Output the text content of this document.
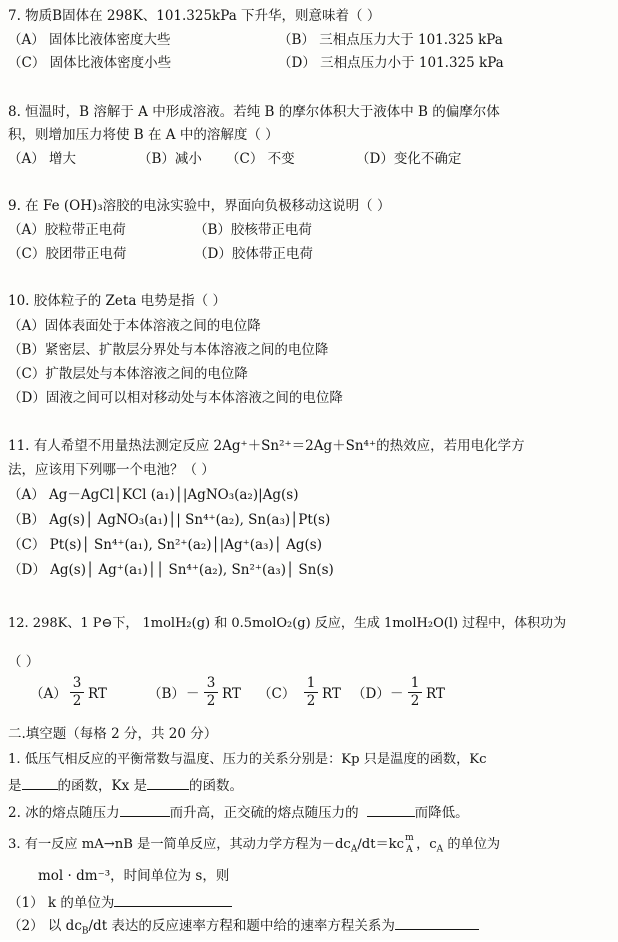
7. 物质B固体在 298K、101.325kPa 下升华，则意味着（ ）
（A） 固体比液体密度大些	（B） 三相点压力大于 101.325 kPa
（C） 固体比液体密度小些	（D） 三相点压力小于 101.325 kPa
8. 恒温时，B 溶解于 A 中形成溶液。若纯 B 的摩尔体积大于液体中 B 的偏摩尔体
积，则增加压力将使 B 在 A 中的溶解度（ ）
（A） 增大	（B）减小 （C） 不变	（D）变化不确定
9. 在 Fe (OH)₃溶胶的电泳实验中，界面向负极移动这说明（ ）
（A）胶粒带正电荷	（B）胶核带正电荷
（C）胶团带正电荷	（D）胶体带正电荷
10. 胶体粒子的 Zeta 电势是指（ ）
（A）固体表面处于本体溶液之间的电位降
（B）紧密层、扩散层分界处与本体溶液之间的电位降
（C）扩散层处与本体溶液之间的电位降
（D）固液之间可以相对移动处与本体溶液之间的电位降
11. 有人希望不用量热法测定反应 2Ag⁺＋Sn²⁺＝2Ag＋Sn⁴⁺的热效应，若用电化学方
法，应该用下列哪一个电池？（ ）
（A） Ag－AgCl│KCl (a₁)│|AgNO₃(a₂)|Ag(s)
（B） Ag(s)│ AgNO₃(a₁)│| Sn⁴⁺(a₂), Sn(a₃)│Pt(s)
（C） Pt(s)│ Sn⁴⁺(a₁), Sn²⁺(a₂)│|Ag⁺(a₃)│ Ag(s)
（D） Ag(s)│ Ag⁺(a₁)││ Sn⁴⁺(a₂), Sn²⁺(a₃)│ Sn(s)
12. 298K、1 P⊖下， 1molH₂(g) 和 0.5molO₂(g) 反应，生成 1molH₂O(l) 过程中，体积功为
（ ）
$(A) \frac{3}{2}$ RT	$(B) - \frac{3}{2}$ RT $(C) \frac{1}{2}$ RT $(D) - \frac{1}{2}$ RT
二.填空题（每格 2 分，共 20 分）
1. 低压气相反应的平衡常数与温度、压力的关系分别是：Kp 只是温度的函数，Kc
是	的函数，Kx 是	的函数。
2. 冰的熔点随压力	而升高，正交硫的熔点随压力的	而降低。
3. 有一反应 mA→nB 是一简单反应，其动力学方程为$-dc_A/dt=kc$ m
A ，$c_A$ 的单位为
mol · dm⁻³，时间单位为 s，则
（1） k 的单位为
（2） 以 $dc_B/dt$ 表达的反应速率方程和题中给的速率方程关系为
